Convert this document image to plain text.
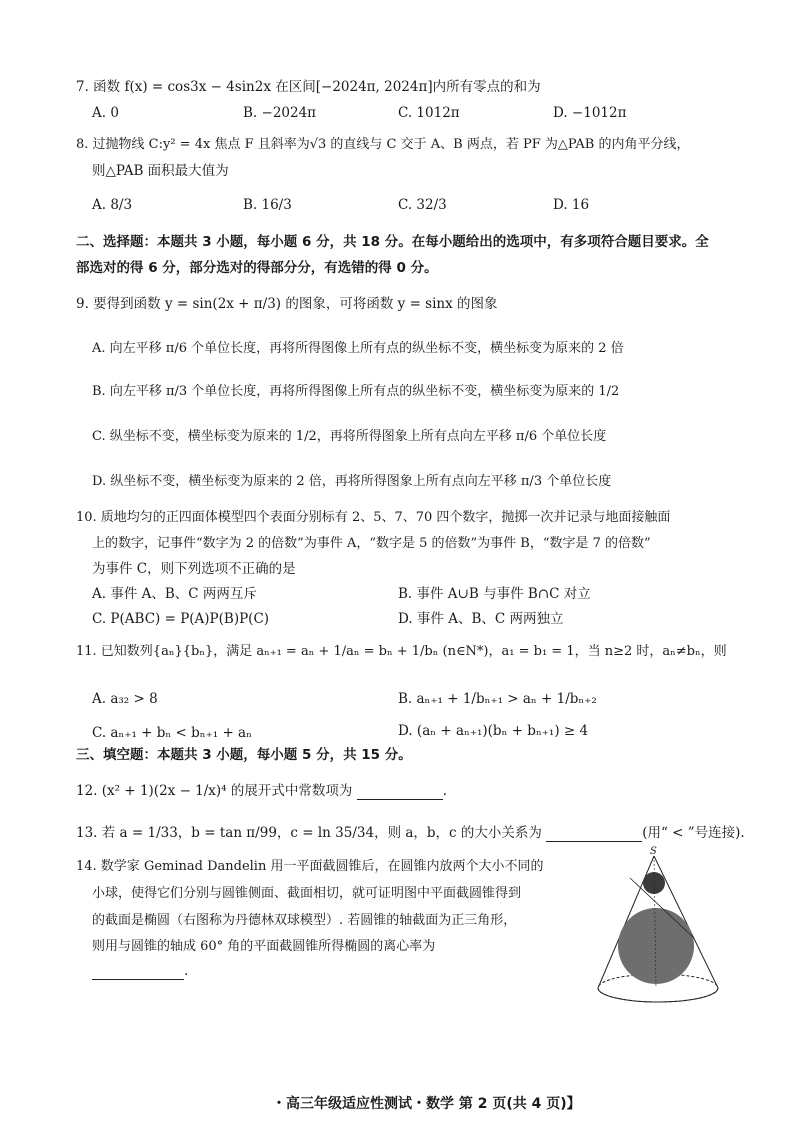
7. 函数 f(x) = cos3x − 4sin2x 在区间[−2024π, 2024π]内所有零点的和为
A. 0	B. −2024π	C. 1012π	D. −1012π
8. 过抛物线 C:y² = 4x 焦点 F 且斜率为√3 的直线与 C 交于 A、B 两点，若 PF 为△PAB 的内角平分线，
则△PAB 面积最大值为
A. 8/3	B. 16/3	C. 32/3	D. 16
二、选择题：本题共 3 小题，每小题 6 分，共 18 分。在每小题给出的选项中，有多项符合题目要求。全
部选对的得 6 分，部分选对的得部分分，有选错的得 0 分。
9. 要得到函数 y = sin(2x + π/3) 的图象，可将函数 y = sinx 的图象
A. 向左平移 π/6 个单位长度，再将所得图像上所有点的纵坐标不变，横坐标变为原来的 2 倍
B. 向左平移 π/3 个单位长度，再将所得图像上所有点的纵坐标不变，横坐标变为原来的 1/2
C. 纵坐标不变，横坐标变为原来的 1/2，再将所得图象上所有点向左平移 π/6 个单位长度
D. 纵坐标不变，横坐标变为原来的 2 倍，再将所得图象上所有点向左平移 π/3 个单位长度
10. 质地均匀的正四面体模型四个表面分别标有 2、5、7、70 四个数字，抛掷一次并记录与地面接触面
上的数字，记事件“数字为 2 的倍数”为事件 A，“数字是 5 的倍数”为事件 B，“数字是 7 的倍数”
为事件 C，则下列选项不正确的是
A. 事件 A、B、C 两两互斥	B. 事件 A∪B 与事件 B∩C 对立
C. P(ABC) = P(A)P(B)P(C)	D. 事件 A、B、C 两两独立
11. 已知数列{aₙ}{bₙ}，满足 aₙ₊₁ = aₙ + 1/aₙ = bₙ + 1/bₙ (n∈N*)，a₁ = b₁ = 1，当 n≥2 时，aₙ≠bₙ，则
A. a₃₂ > 8	B. aₙ₊₁ + 1/bₙ₊₁ > aₙ + 1/bₙ₊₂
C. aₙ₊₁ + bₙ < bₙ₊₁ + aₙ	D. (aₙ + aₙ₊₁)(bₙ + bₙ₊₁) ≥ 4
三、填空题：本题共 3 小题，每小题 5 分，共 15 分。
12. (x² + 1)(2x − 1/x)⁴ 的展开式中常数项为	.
13. 若 a = 1/33，b = tan π/99，c = ln 35/34，则 a，b，c 的大小关系为	(用“ < ”号连接).
14. 数学家 Geminad Dandelin 用一平面截圆锥后，在圆锥内放两个大小不同的
小球，使得它们分别与圆锥侧面、截面相切，就可证明图中平面截圆锥得到
的截面是椭圆（右图称为丹德林双球模型）. 若圆锥的轴截面为正三角形，
则用与圆锥的轴成 60° 角的平面截圆锥所得椭圆的离心率为
.
S
・高三年级适应性测试・数学 第 2 页(共 4 页)】
